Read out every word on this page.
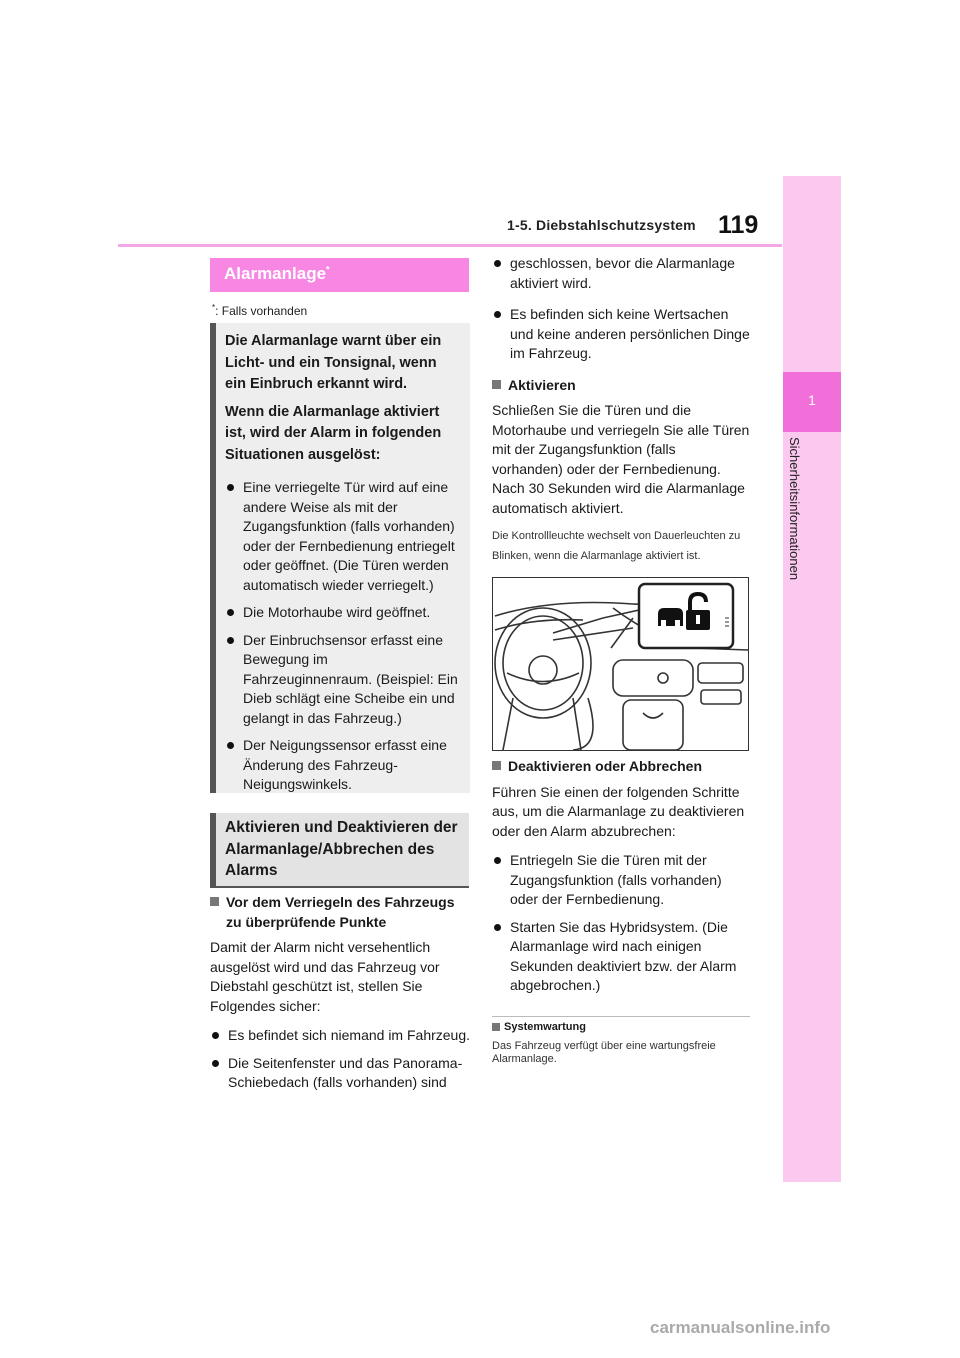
1-5. Diebstahlschutzsystem 119
1
Sicherheitsinformationen
Alarmanlage*
*: Falls vorhanden

Die Alarmanlage warnt über ein Licht- und ein Tonsignal, wenn ein Einbruch erkannt wird.

Wenn die Alarmanlage aktiviert ist, wird der Alarm in folgenden Situationen ausgelöst:

Eine verriegelte Tür wird auf eine andere Weise als mit der Zugangsfunktion (falls vorhanden) oder der Fernbedienung entriegelt oder geöffnet. (Die Türen werden automatisch wieder verriegelt.)
Die Motorhaube wird geöffnet.
Der Einbruchsensor erfasst eine Bewegung im Fahrzeuginnenraum. (Beispiel: Ein Dieb schlägt eine Scheibe ein und gelangt in das Fahrzeug.)
Der Neigungssensor erfasst eine Änderung des Fahrzeug-Neigungswinkels.
Aktivieren und Deaktivieren der Alarmanlage/Abbrechen des Alarms
Vor dem Verriegeln des Fahrzeugs zu überprüfende Punkte

Damit der Alarm nicht versehentlich ausgelöst wird und das Fahrzeug vor Diebstahl geschützt ist, stellen Sie Folgendes sicher:

Es befindet sich niemand im Fahrzeug.
Die Seitenfenster und das Panorama-Schiebedach (falls vorhanden) sind
geschlossen, bevor die Alarmanlage aktiviert wird.
Es befinden sich keine Wertsachen und keine anderen persönlichen Dinge im Fahrzeug.
Aktivieren

Schließen Sie die Türen und die Motorhaube und verriegeln Sie alle Türen mit der Zugangsfunktion (falls vorhanden) oder der Fernbedienung. Nach 30 Sekunden wird die Alarmanlage automatisch aktiviert.

Die Kontrollleuchte wechselt von Dauerleuchten zu Blinken, wenn die Alarmanlage aktiviert ist.

Deaktivieren oder Abbrechen

Führen Sie einen der folgenden Schritte aus, um die Alarmanlage zu deaktivieren oder den Alarm abzubrechen:

Entriegeln Sie die Türen mit der Zugangsfunktion (falls vorhanden) oder der Fernbedienung.
Starten Sie das Hybridsystem. (Die Alarmanlage wird nach einigen Sekunden deaktiviert bzw. der Alarm abgebrochen.)
Systemwartung
Das Fahrzeug verfügt über eine wartungsfreie Alarmanlage.
carmanualsonline.info
